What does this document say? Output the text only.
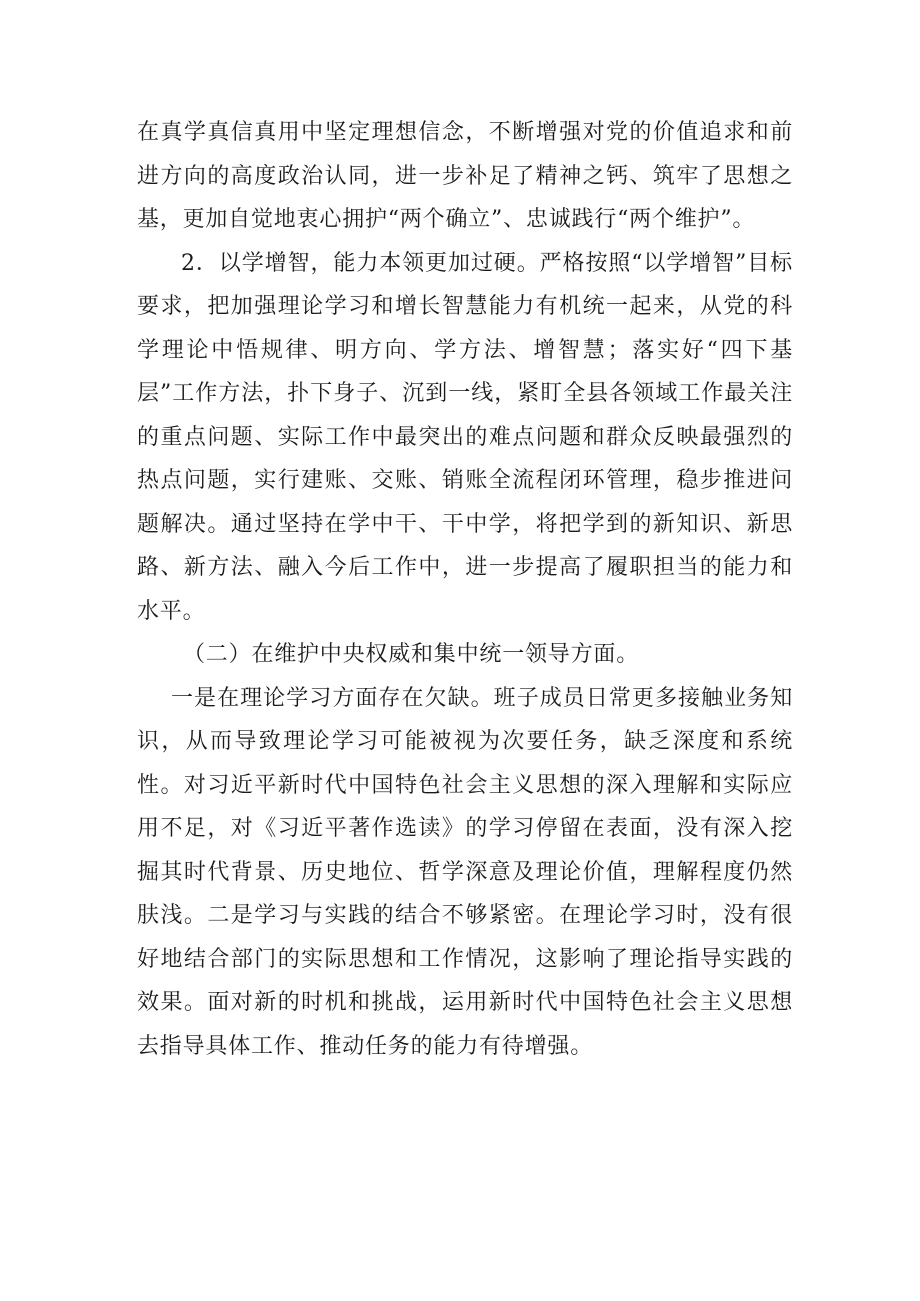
在真学真信真用中坚定理想信念，不断增强对党的价值追求和前进方向的高度政治认同，进一步补足了精神之钙、筑牢了思想之基，更加自觉地衷心拥护“两个确立”、忠诚践行“两个维护”。

2．以学增智，能力本领更加过硬。严格按照“以学增智”目标要求，把加强理论学习和增长智慧能力有机统一起来，从党的科学理论中悟规律、明方向、学方法、增智慧；落实好“四下基层”工作方法，扑下身子、沉到一线，紧盯全县各领域工作最关注的重点问题、实际工作中最突出的难点问题和群众反映最强烈的热点问题，实行建账、交账、销账全流程闭环管理，稳步推进问题解决。通过坚持在学中干、干中学，将把学到的新知识、新思路、新方法、融入今后工作中，进一步提高了履职担当的能力和水平。

（二）在维护中央权威和集中统一领导方面。

一是在理论学习方面存在欠缺。班子成员日常更多接触业务知识，从而导致理论学习可能被视为次要任务，缺乏深度和系统性。对习近平新时代中国特色社会主义思想的深入理解和实际应用不足，对《习近平著作选读》的学习停留在表面，没有深入挖掘其时代背景、历史地位、哲学深意及理论价值，理解程度仍然肤浅。二是学习与实践的结合不够紧密。在理论学习时，没有很好地结合部门的实际思想和工作情况，这影响了理论指导实践的效果。面对新的时机和挑战，运用新时代中国特色社会主义思想去指导具体工作、推动任务的能力有待增强。
